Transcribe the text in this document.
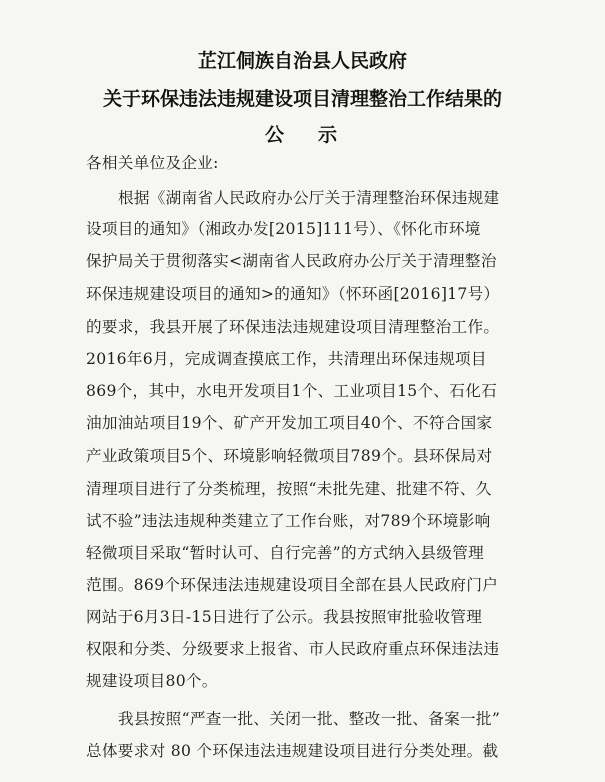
芷江侗族自治县人民政府
关于环保违法违规建设项目清理整治工作结果的
公 示
各相关单位及企业:
根据《湖南省人民政府办公厅关于清理整治环保违规建
设项目的通知》（湘政办发[2015]111号）、《怀化市环境
保护局关于贯彻落实<湖南省人民政府办公厅关于清理整治
环保违规建设项目的通知>的通知》（怀环函[2016]17号）
的要求，我县开展了环保违法违规建设项目清理整治工作。
2016年6月，完成调查摸底工作，共清理出环保违规项目
869个，其中，水电开发项目1个、工业项目15个、石化石
油加油站项目19个、矿产开发加工项目40个、不符合国家
产业政策项目5个、环境影响轻微项目789个。县环保局对
清理项目进行了分类梳理，按照“未批先建、批建不符、久
试不验”违法违规种类建立了工作台账，对789个环境影响
轻微项目采取“暂时认可、自行完善”的方式纳入县级管理
范围。869个环保违法违规建设项目全部在县人民政府门户
网站于6月3日-15日进行了公示。我县按照审批验收管理
权限和分类、分级要求上报省、市人民政府重点环保违法违
规建设项目80个。
我县按照“严查一批、关闭一批、整改一批、备案一批”
总体要求对 80 个环保违法违规建设项目进行分类处理。截
